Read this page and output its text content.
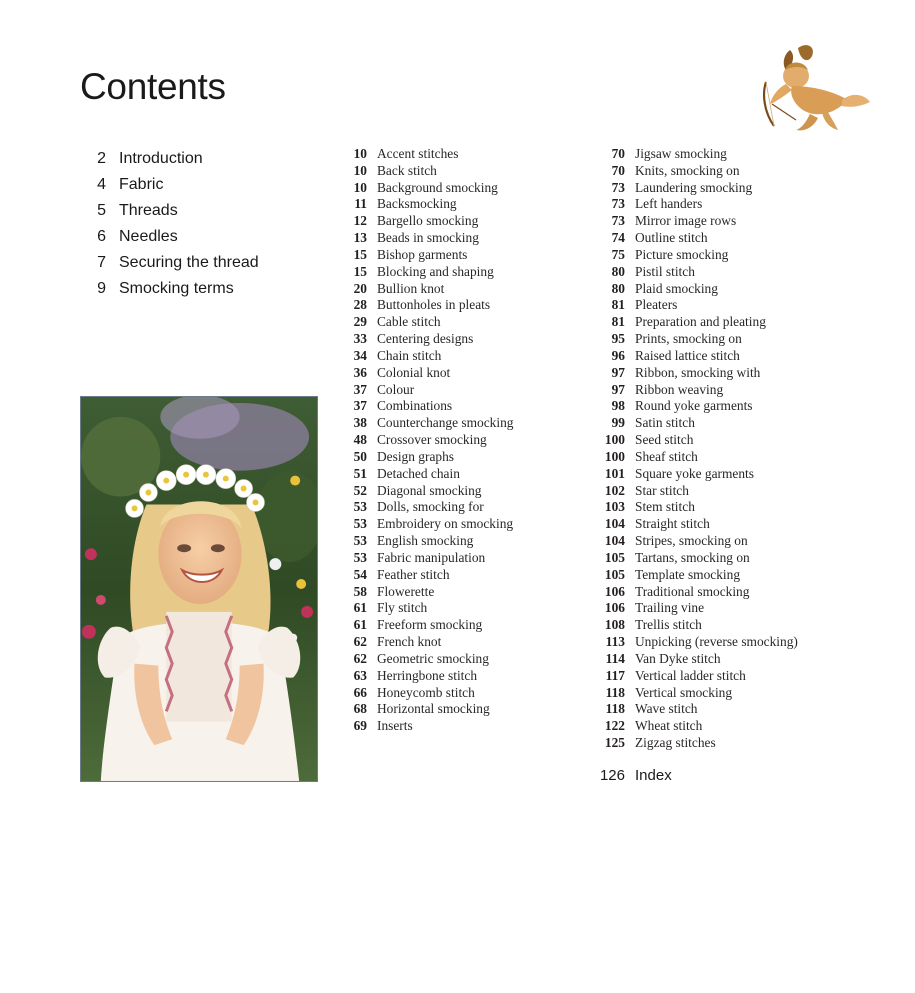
Contents
2 Introduction
4 Fabric
5 Threads
6 Needles
7 Securing the thread
9 Smocking terms
10 Accent stitches
10 Back stitch
10 Background smocking
11 Backsmocking
12 Bargello smocking
13 Beads in smocking
15 Bishop garments
15 Blocking and shaping
20 Bullion knot
28 Buttonholes in pleats
29 Cable stitch
33 Centering designs
34 Chain stitch
36 Colonial knot
37 Colour
37 Combinations
38 Counterchange smocking
48 Crossover smocking
50 Design graphs
51 Detached chain
52 Diagonal smocking
53 Dolls, smocking for
53 Embroidery on smocking
53 English smocking
53 Fabric manipulation
54 Feather stitch
58 Flowerette
61 Fly stitch
61 Freeform smocking
62 French knot
62 Geometric smocking
63 Herringbone stitch
66 Honeycomb stitch
68 Horizontal smocking
69 Inserts
70 Jigsaw smocking
70 Knits, smocking on
73 Laundering smocking
73 Left handers
73 Mirror image rows
74 Outline stitch
75 Picture smocking
80 Pistil stitch
80 Plaid smocking
81 Pleaters
81 Preparation and pleating
95 Prints, smocking on
96 Raised lattice stitch
97 Ribbon, smocking with
97 Ribbon weaving
98 Round yoke garments
99 Satin stitch
100 Seed stitch
100 Sheaf stitch
101 Square yoke garments
102 Star stitch
103 Stem stitch
104 Straight stitch
104 Stripes, smocking on
105 Tartans, smocking on
105 Template smocking
106 Traditional smocking
106 Trailing vine
108 Trellis stitch
113 Unpicking (reverse smocking)
114 Van Dyke stitch
117 Vertical ladder stitch
118 Vertical smocking
118 Wave stitch
122 Wheat stitch
125 Zigzag stitches
126 Index
